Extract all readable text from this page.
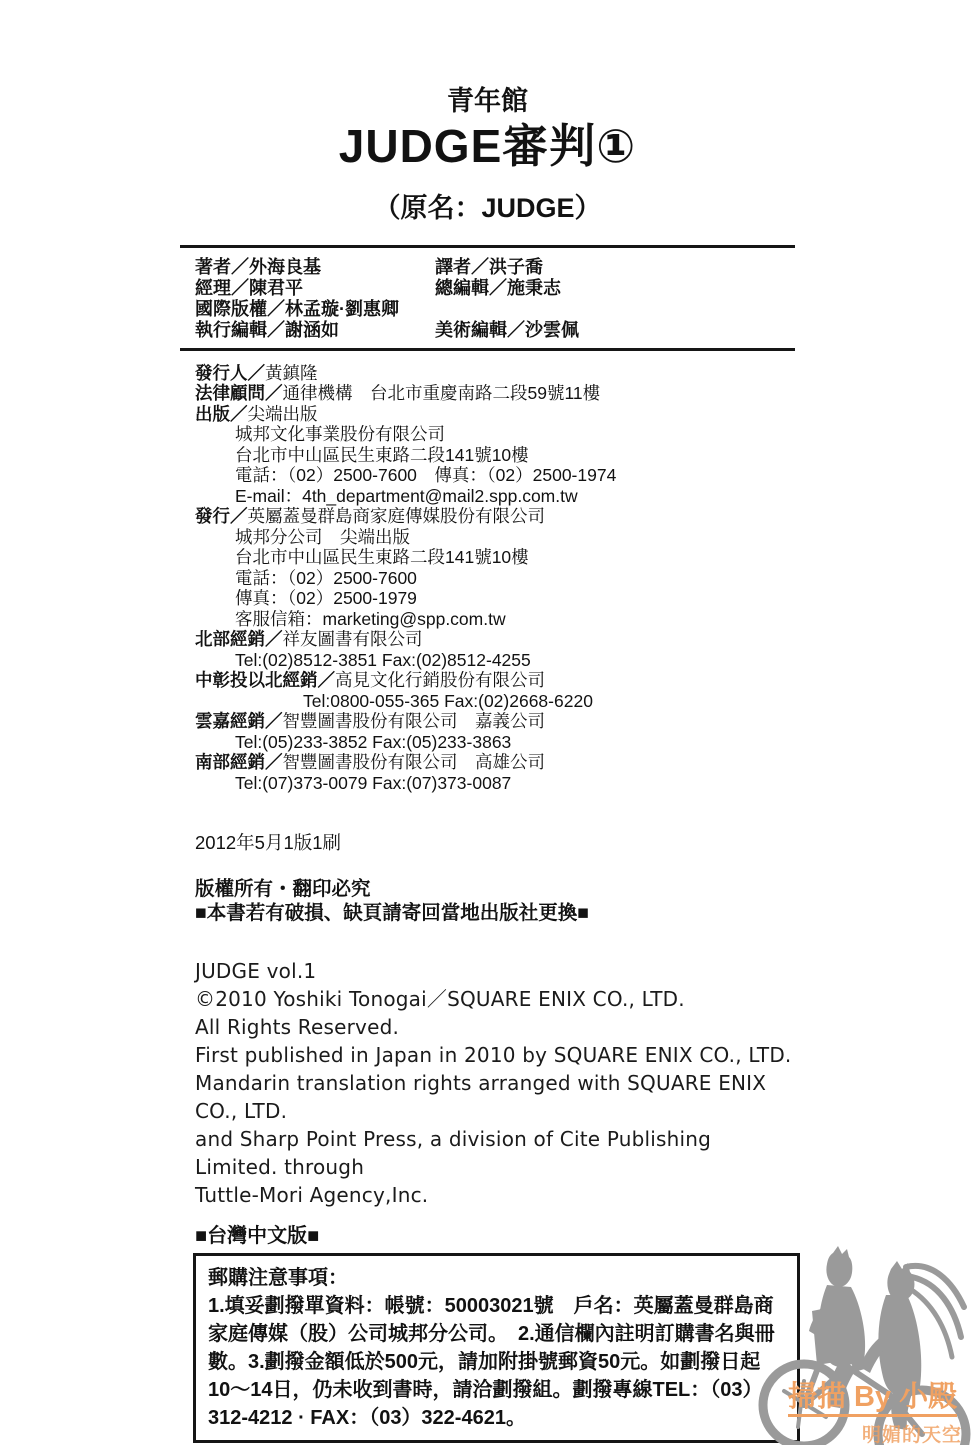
青年館
JUDGE審判①
（原名：JUDGE）
著者／外海良基	譯者／洪子喬
經理／陳君平	總編輯／施秉志
國際版權／林孟璇·劉惠卿
執行編輯／謝涵如	美術編輯／沙雲佩
發行人／黃鎮隆
法律顧問／通律機構　台北市重慶南路二段59號11樓
出版／尖端出版
城邦文化事業股份有限公司
台北市中山區民生東路二段141號10樓
電話：（02）2500-7600　傳真：（02）2500-1974
E-mail：4th_department@mail2.spp.com.tw
發行／英屬蓋曼群島商家庭傳媒股份有限公司
城邦分公司　尖端出版
台北市中山區民生東路二段141號10樓
電話：（02）2500-7600
傳真：（02）2500-1979
客服信箱：marketing@spp.com.tw
北部經銷／祥友圖書有限公司
Tel:(02)8512-3851 Fax:(02)8512-4255
中彰投以北經銷／高見文化行銷股份有限公司
Tel:0800-055-365 Fax:(02)2668-6220
雲嘉經銷／智豐圖書股份有限公司　嘉義公司
Tel:(05)233-3852 Fax:(05)233-3863
南部經銷／智豐圖書股份有限公司　高雄公司
Tel:(07)373-0079 Fax:(07)373-0087
2012年5月1版1刷
版權所有・翻印必究
■本書若有破損、缺頁請寄回當地出版社更換■
JUDGE vol.1
©2010 Yoshiki Tonogai／SQUARE ENIX CO., LTD.
All Rights Reserved.
First published in Japan in 2010 by SQUARE ENIX CO., LTD.
Mandarin translation rights arranged with SQUARE ENIX CO., LTD.
and Sharp Point Press, a division of Cite Publishing Limited. through
Tuttle-Mori Agency,Inc.
■台灣中文版■
郵購注意事項：
1.填妥劃撥單資料：帳號：50003021號　戶名：英屬蓋曼群島商
家庭傳媒（股）公司城邦分公司。　2.通信欄內註明訂購書名與冊
數。3.劃撥金額低於500元，請加附掛號郵資50元。如劃撥日起
10～14日，仍未收到書時，請洽劃撥組。劃撥專線TEL：（03）
312-4212 · FAX：（03）322-4621。
掃描 By 小殿
明媚的天空
